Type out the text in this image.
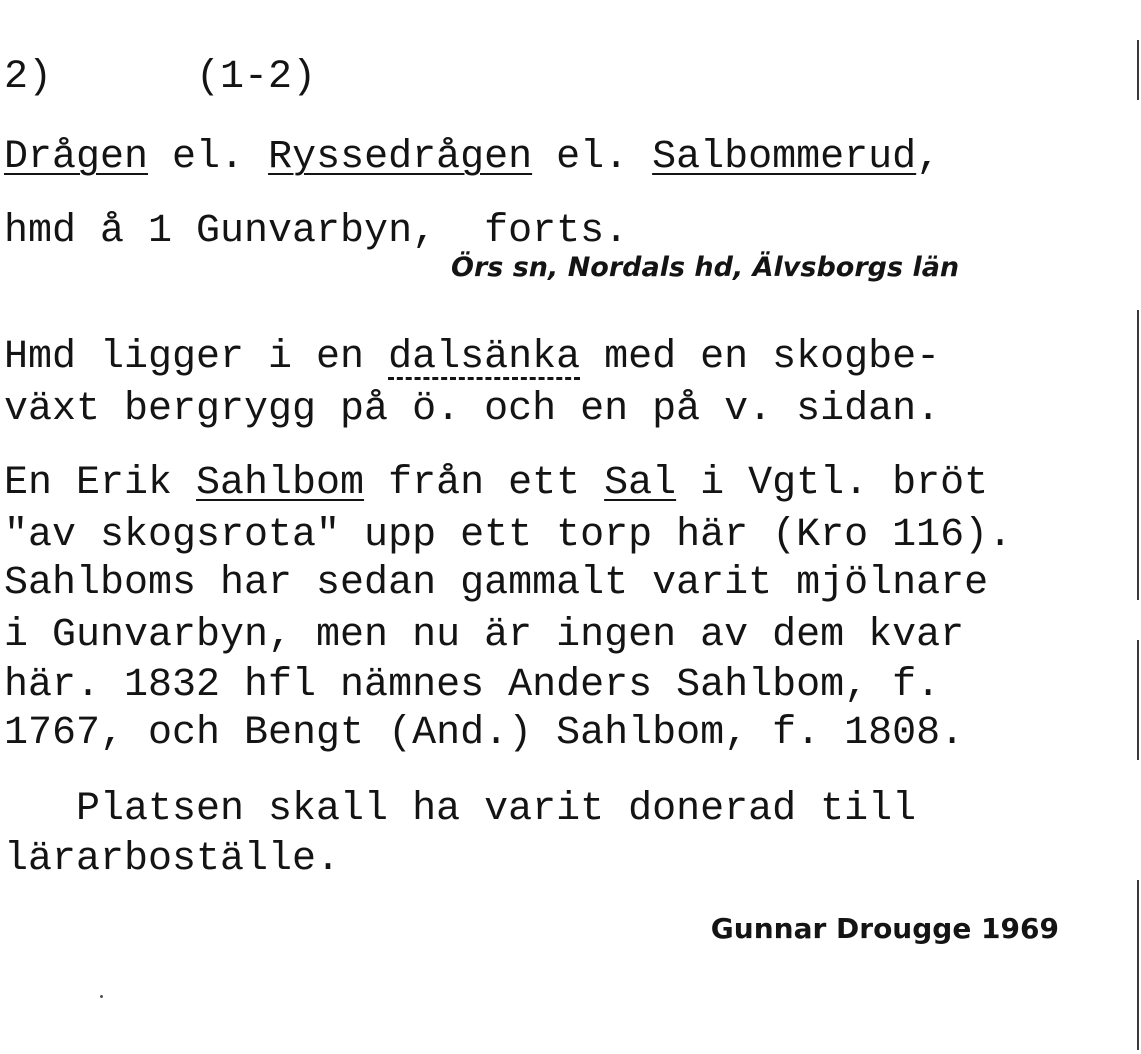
2)	(1-2)
Drågen el. Ryssedrågen el. Salbommerud,
hmd å 1 Gunvarbyn, forts.
Örs sn, Nordals hd, Älvsborgs län
Hmd ligger i en dalsänka med en skogbe-
växt bergrygg på ö. och en på v. sidan.
En Erik Sahlbom från ett Sal i Vgtl. bröt
"av skogsrota" upp ett torp här (Kro 116).
Sahlboms har sedan gammalt varit mjölnare
i Gunvarbyn, men nu är ingen av dem kvar
här. 1832 hfl nämnes Anders Sahlbom, f.
1767, och Bengt (And.) Sahlbom, f. 1808.
Platsen skall ha varit donerad till
lärarboställe.
Gunnar Drougge 1969
